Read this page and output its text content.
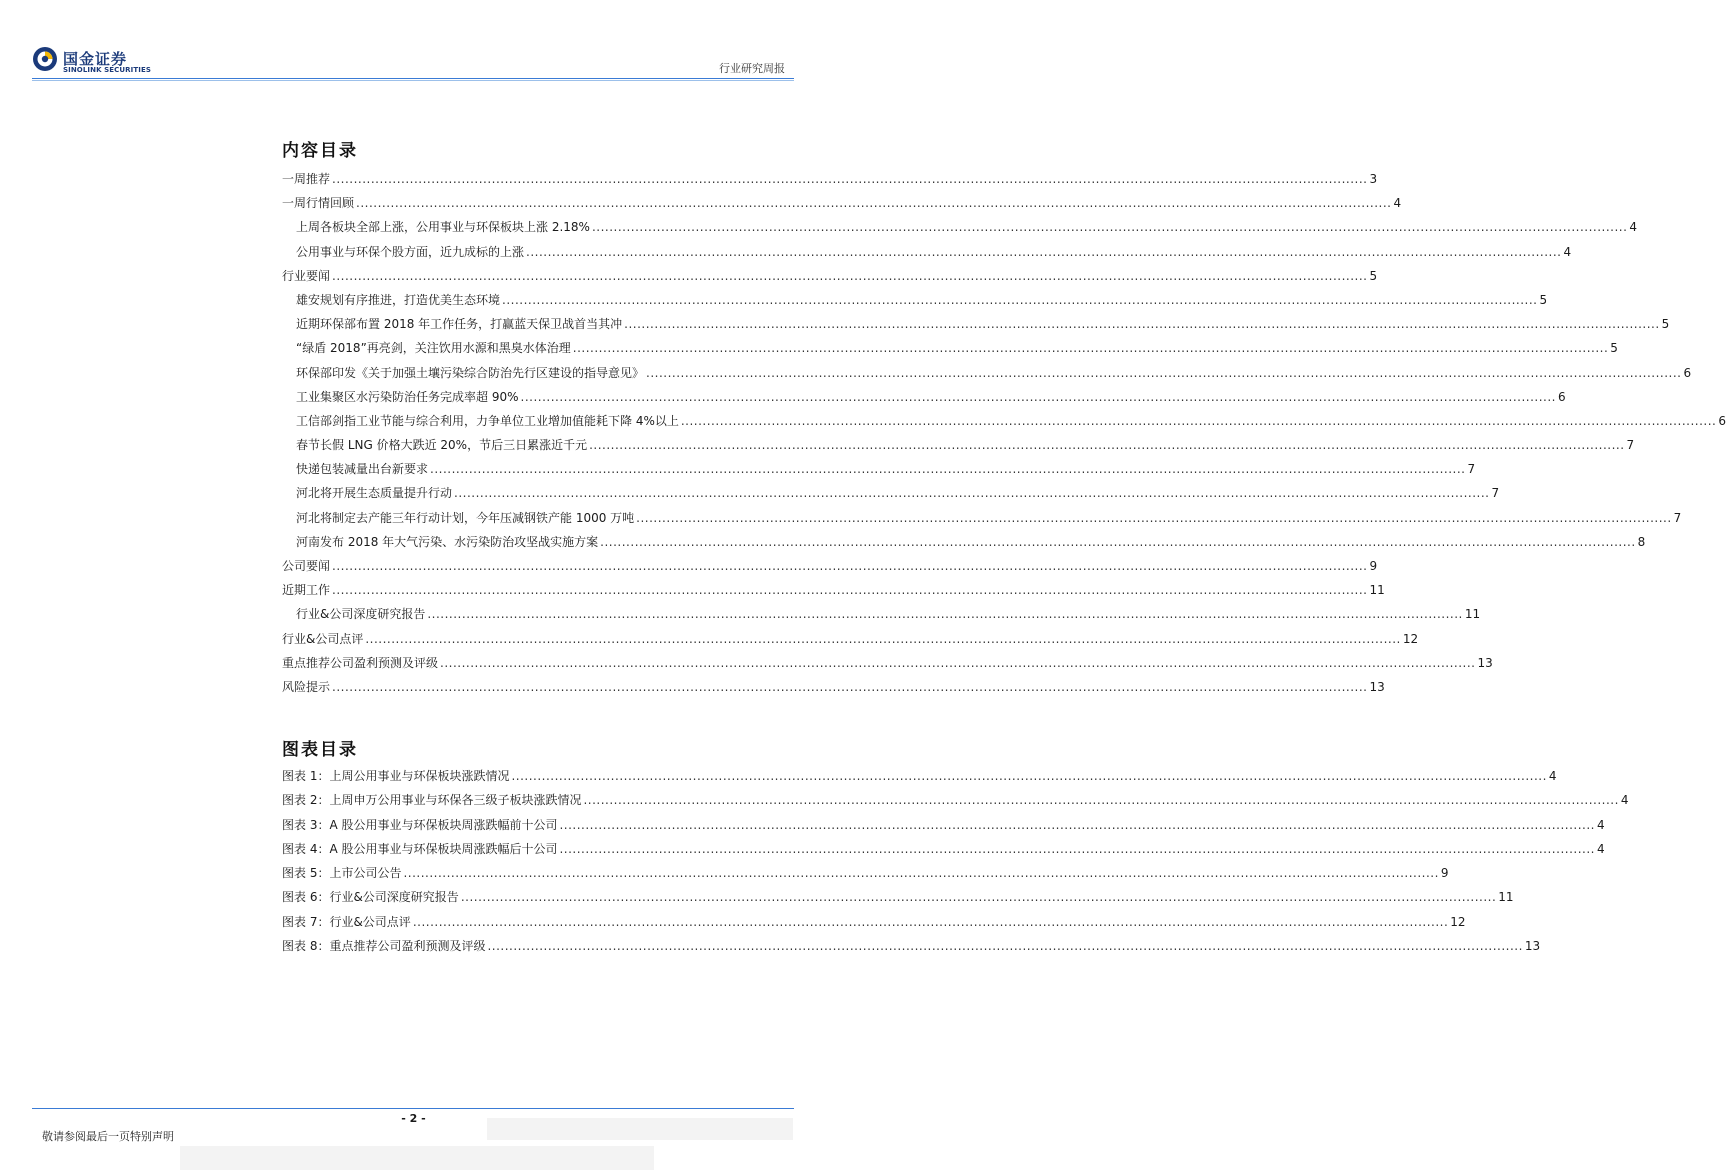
国金证券
SINOLINK SECURITIES	行业研究周报
内容目录
一周推荐 .....	3
一周行情回顾 .....	4
上周各板块全部上涨，公用事业与环保板块上涨 2.18% .....	4
公用事业与环保个股方面，近九成标的上涨 .....	4
行业要闻 .....	5
雄安规划有序推进，打造优美生态环境 .....	5
近期环保部布置 2018 年工作任务，打赢蓝天保卫战首当其冲 .....	5
“绿盾 2018”再亮剑，关注饮用水源和黑臭水体治理 .....	5
环保部印发《关于加强土壤污染综合防治先行区建设的指导意见》 .....	6
工业集聚区水污染防治任务完成率超 90% .....	6
工信部剑指工业节能与综合利用，力争单位工业增加值能耗下降 4%以上 .....	6
春节长假 LNG 价格大跌近 20%，节后三日累涨近千元 .....	7
快递包装减量出台新要求 .....	7
河北将开展生态质量提升行动 .....	7
河北将制定去产能三年行动计划，今年压减钢铁产能 1000 万吨 .....	7
河南发布 2018 年大气污染、水污染防治攻坚战实施方案 .....	8
公司要闻 .....	9
近期工作 .....	11
行业&公司深度研究报告 .....	11
行业&公司点评 .....	12
重点推荐公司盈利预测及评级 .....	13
风险提示 .....	13
图表目录
图表 1：上周公用事业与环保板块涨跌情况 .....	4
图表 2：上周申万公用事业与环保各三级子板块涨跌情况 .....	4
图表 3：A 股公用事业与环保板块周涨跌幅前十公司 .....	4
图表 4：A 股公用事业与环保板块周涨跌幅后十公司 .....	4
图表 5：上市公司公告 .....	9
图表 6：行业&公司深度研究报告 .....	11
图表 7：行业&公司点评 .....	12
图表 8：重点推荐公司盈利预测及评级 .....	13
- 2 -
敬请参阅最后一页特别声明
